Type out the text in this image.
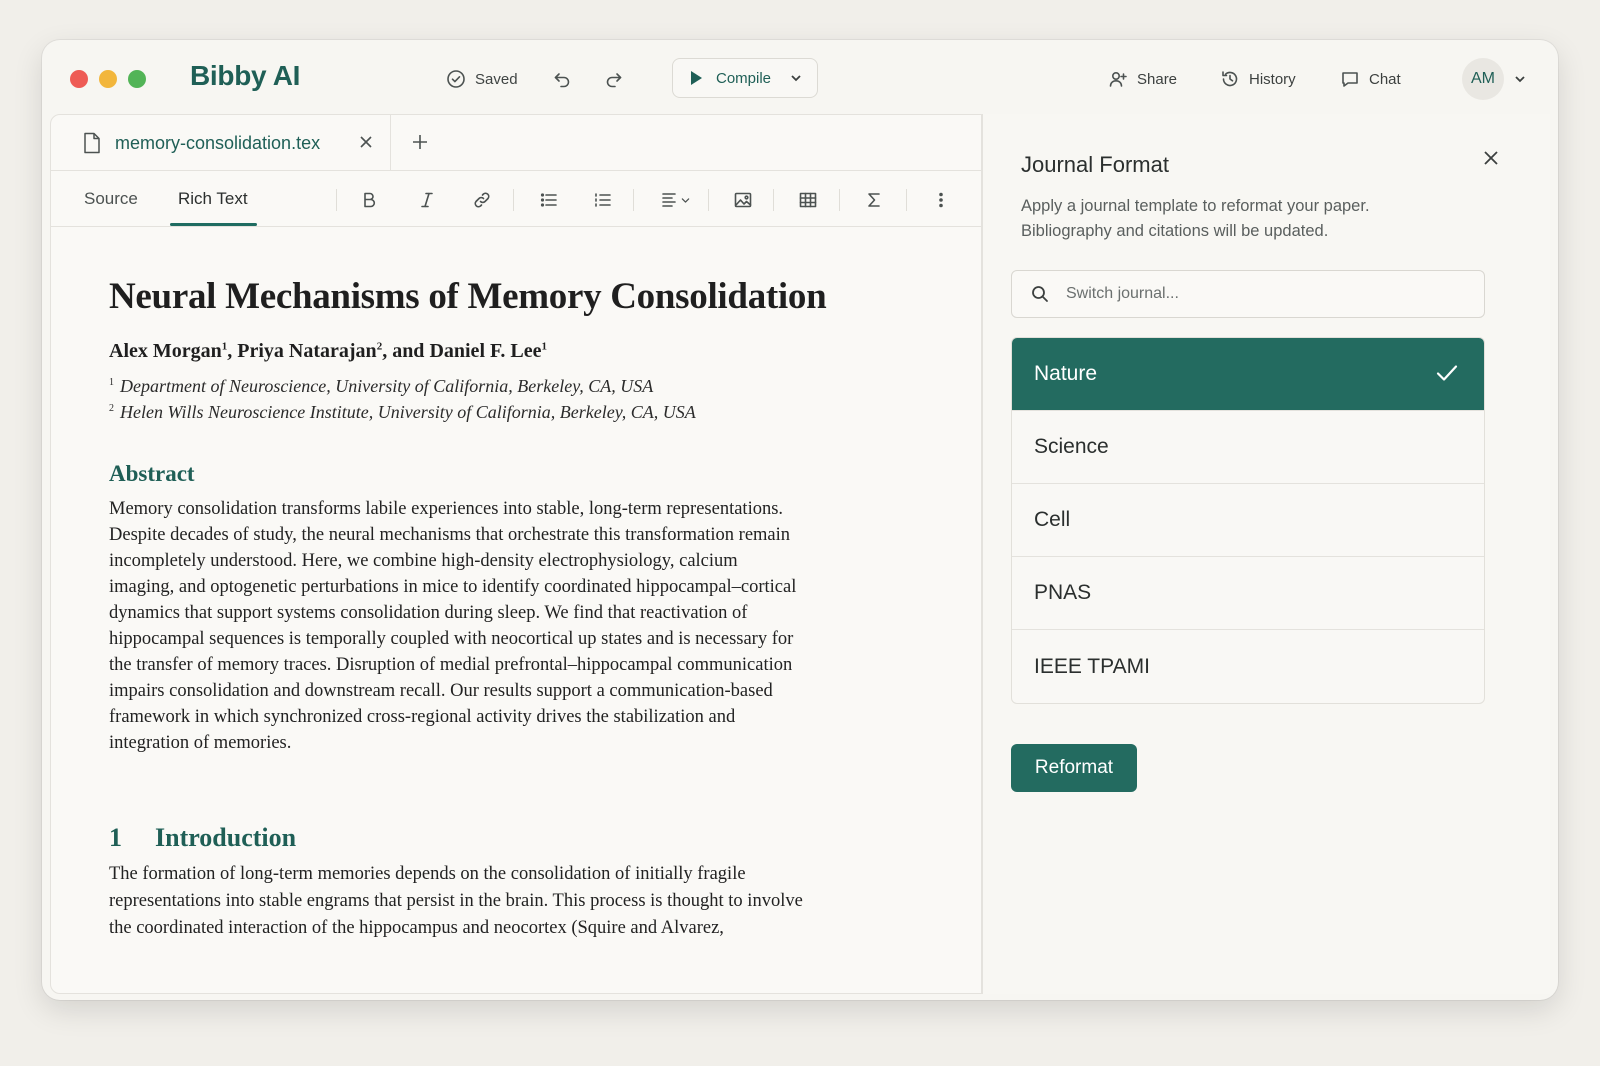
Bibby AI	Saved	Compile	Share	History	Chat	AM
memory-consolidation.tex
Source Rich Text
Neural Mechanisms of Memory Consolidation
Alex Morgan$^1$, Priya Natarajan$^2$, and Daniel F. Lee$^1$
$^1$ Department of Neuroscience, University of California, Berkeley, CA, USA
$^2$ Helen Wills Neuroscience Institute, University of California, Berkeley, CA, USA
Abstract
Memory consolidation transforms labile experiences into stable, long-term representations. Despite decades of study, the neural mechanisms that orchestrate this transformation remain incompletely understood. Here, we combine high-density electrophysiology, calcium imaging, and optogenetic perturbations in mice to identify coordinated hippocampal–cortical dynamics that support systems consolidation during sleep. We find that reactivation of hippocampal sequences is temporally coupled with neocortical up states and is necessary for the transfer of memory traces. Disruption of medial prefrontal–hippocampal communication impairs consolidation and downstream recall. Our results support a communication-based framework in which synchronized cross-regional activity drives the stabilization and integration of memories.
1 Introduction
The formation of long-term memories depends on the consolidation of initially fragile representations into stable engrams that persist in the brain. This process is thought to involve the coordinated interaction of the hippocampus and neocortex (Squire and Alvarez,
Journal Format
Apply a journal template to reformat your paper. Bibliography and citations will be updated.
Switch journal...
Nature
Science
Cell
PNAS
IEEE TPAMI
Reformat
